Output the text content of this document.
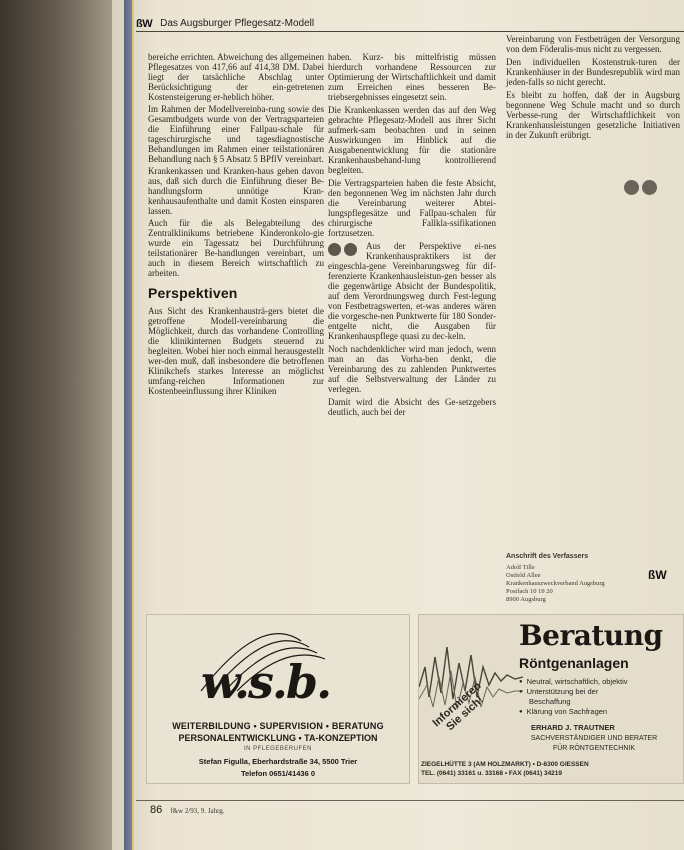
ßW Das Augsburger Pflegesatz-Modell

bereiche errichten. Abweichung des allgemeinen Pflegesatzes von 417,66 auf 414,38 DM. Dabei liegt der tatsächliche Abschlag unter Berücksichtigung der ein-getretenen Kostensteigerung er-heblich höher.

Im Rahmen der Modellvereinba-rung sowie des Gesamtbudgets wurde von der Vertragsparteien die Einführung einer Fallpau-schale für tageschirurgische und tagesdiagnostische Behandlungen im Rahmen einer teilstationären Behandlung nach § 5 Absatz 5 BPflV vereinbart.

Krankenkassen und Kranken-haus gehen davon aus, daß sich durch die Einführung dieser Be-handlungsform unnötige Kran-kenhausaufenthalte und damit Kosten einsparen lassen.

Auch für die als Belegabteilung des Zentralklinikums betriebene Kinderonkolo-gie wurde ein Tagessatz bei Durchführung teilstationärer Be-handlungen vereinbart, um auch in diesem Bereich wirtschaftlich zu arbeiten.

Perspektiven

Aus Sicht des Krankenhausträ-gers bietet die getroffene Modell-vereinbarung die Möglichkeit, durch das vorhandene Controlling die klinikinternen Budgets steuernd zu begleiten. Wobei hier noch einmal herausgestellt wer-den muß, daß insbesondere die betroffenen Klinikchefs starkes Interesse an möglichst umfang-reichen Informationen zur Kostenbeeinflussung ihrer Kliniken

haben. Kurz- bis mittelfristig müssen hierdurch vorhandene Ressourcen zur Optimierung der Wirtschaftlichkeit und damit zum Erreichen eines besseren Be-triebsergebnisses eingesetzt sein.

Die Krankenkassen werden das auf den Weg gebrachte Pflegesatz-Modell aus ihrer Sicht aufmerk-sam beobachten und in seinen Auswirkungen im Hinblick auf die Ausgabenentwicklung für die stationäre Krankenhausbehand-lung kontrollierend begleiten.

Die Vertragsparteien haben die feste Absicht, den begonnenen Weg im nächsten Jahr durch die Vereinbarung weiterer Abtei-lungspflegesätze und Fallpau-schalen für chirurgische Fallkla-ssifikationen fortzusetzen.

Aus der Perspektive ei-nes Krankenhauspraktikers ist der eingeschla-gene Vereinbarungsweg für dif-ferenzierte Krankenhausleistun-gen besser als die gegenwärtige Absicht der Bundespolitik, auf dem Verordnungsweg durch Fest-legung von Festbetragswerten, et-was anderes wären die vorgesche-nen Punktwerte für 180 Sonder-entgelte nicht, die Ausgaben für Krankenhauspflege quasi zu dec-keln.

Noch nachdenklicher wird man jedoch, wenn man an das Vorha-ben denkt, die Vereinbarung des zu zahlenden Punktwertes auf die Selbstverwaltung der Länder zu verlegen.

Damit wird die Absicht des Ge-setzgebers deutlich, auch bei der

Vereinbarung von Festbeträgen der Versorgung von dem Föderalis-mus nicht zu vergessen.

Den individuellen Kostenstruk-turen der Krankenhäuser in der Bundesrepublik wird man jeden-falls so nicht gerecht.

Es bleibt zu hoffen, daß der in Augsburg begonnene Weg Schule macht und so durch Verbesse-rung der Wirtschaftlichkeit von Krankenhausleistungen gesetzliche Initiativen in der Zukunft erübrigt.

Anschrift des Verfassers
Adolf Tille
Ostfeld Allee
Krankenhauszweckverband Augsburg
Postfach 10 19 20
8900 Augsburg
ßW
w.s.b.
WEITERBILDUNG • SUPERVISION • BERATUNG
PERSONALENTWICKLUNG • TA-KONZEPTION
IN PFLEGEBERUFEN
Stefan Figulla, Eberhardstraße 34, 5500 Trier
Telefon 0651/41436 0
Beratung
Röntgenanlagen
● Neutral, wirtschaftlich, objektiv
● Unterstützung bei der
Beschaffung
● Klärung von Sachfragen
Informieren Sie sich!	ERHARD J. TRAUTNER
SACHVERSTÄNDIGER UND BERATER
FÜR RÖNTGENTECHNIK
ZIEGELHÜTTE 3 (AM HOLZMARKT) • D-6300 GIESSEN
TEL. (0641) 33161 u. 33168 • FAX (0641) 34219
86 f&w 2/93, 9. Jahrg.
